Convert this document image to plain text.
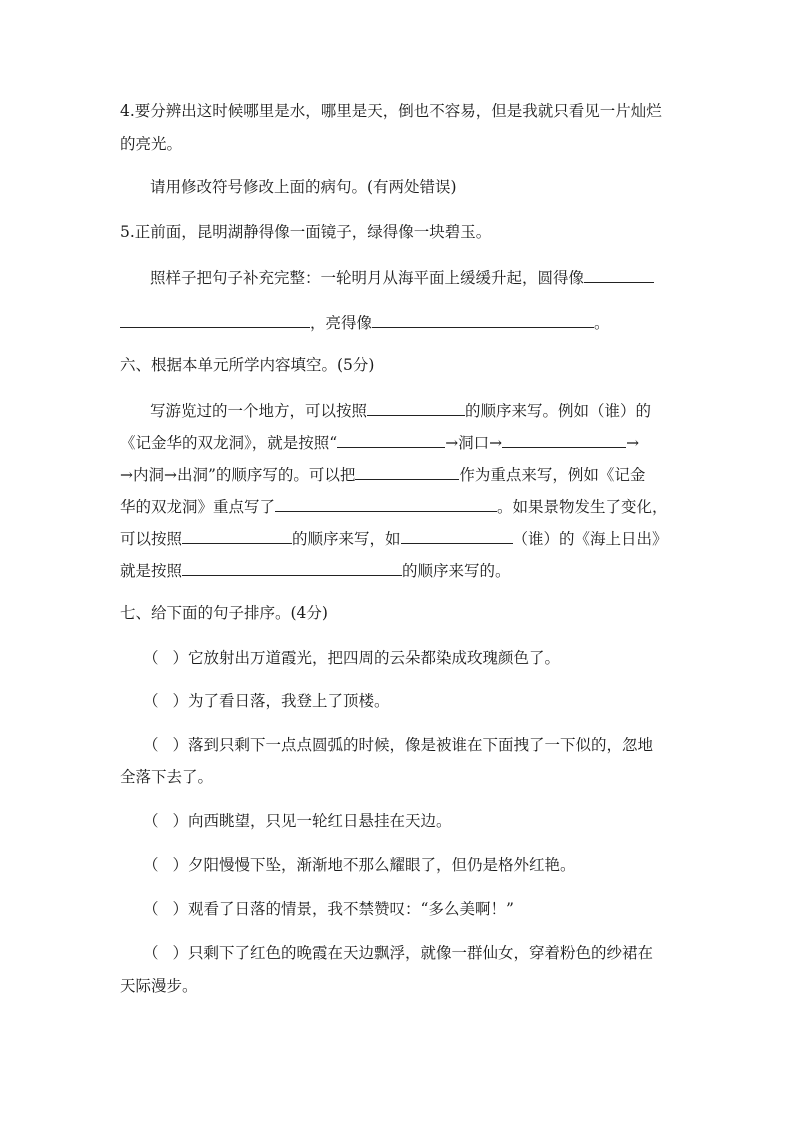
4.要分辨出这时候哪里是水，哪里是天，倒也不容易，但是我就只看见一片灿烂
的亮光。
请用修改符号修改上面的病句。(有两处错误)
5.正前面，昆明湖静得像一面镜子，绿得像一块碧玉。
照样子把句子补充完整：一轮明月从海平面上缓缓升起，圆得像
，亮得像	。
六、根据本单元所学内容填空。(5分)
写游览过的一个地方，可以按照	的顺序来写。例如（谁）的
《记金华的双龙洞》，就是按照“	→洞口→	→
→内洞→出洞”的顺序写的。可以把	作为重点来写，例如《记金
华的双龙洞》重点写了	。如果景物发生了变化，
可以按照	的顺序来写，如	（谁）的《海上日出》
就是按照	的顺序来写的。
七、给下面的句子排序。(4分)
（ ）它放射出万道霞光，把四周的云朵都染成玫瑰颜色了。
（ ）为了看日落，我登上了顶楼。
（ ）落到只剩下一点点圆弧的时候，像是被谁在下面拽了一下似的，忽地
全落下去了。
（ ）向西眺望，只见一轮红日悬挂在天边。
（ ）夕阳慢慢下坠，渐渐地不那么耀眼了，但仍是格外红艳。
（ ）观看了日落的情景，我不禁赞叹：“多么美啊！”
（ ）只剩下了红色的晚霞在天边飘浮，就像一群仙女，穿着粉色的纱裙在
天际漫步。
